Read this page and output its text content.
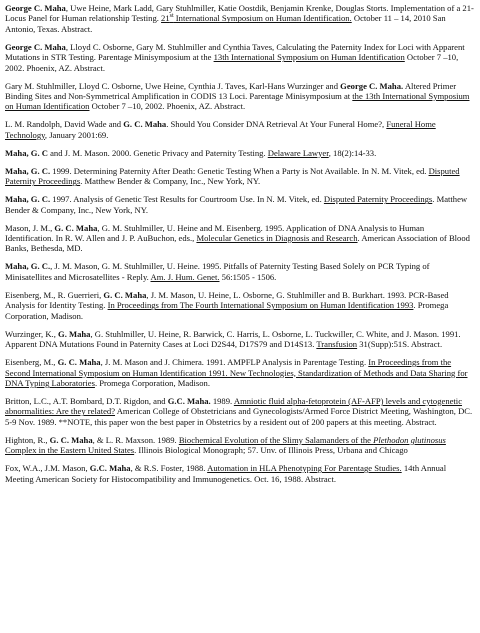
George C. Maha, Uwe Heine, Mark Ladd, Gary Stuhlmiller, Katie Oostdik, Benjamin Krenke, Douglas Storts. Implementation of a 21-Locus Panel for Human relationship Testing. 21st International Symposium on Human Identification. October 11 – 14, 2010 San Antonio, Texas. Abstract.

George C. Maha, Lloyd C. Osborne, Gary M. Stuhlmiller and Cynthia Taves, Calculating the Paternity Index for Loci with Apparent Mutations in STR Testing. Parentage Minisymposium at the 13th International Symposium on Human Identification October 7 –10, 2002. Phoenix, AZ. Abstract.

Gary M. Stuhlmiller, Lloyd C. Osborne, Uwe Heine, Cynthia J. Taves, Karl-Hans Wurzinger and George C. Maha. Altered Primer Binding Sites and Non-Symmetrical Amplification in CODIS 13 Loci. Parentage Minisymposium at the 13th International Symposium on Human Identification October 7 –10, 2002. Phoenix, AZ. Abstract.

L. M. Randolph, David Wade and G. C. Maha. Should You Consider DNA Retrieval At Your Funeral Home?, Funeral Home Technology, January 2001:69.

Maha, G. C and J. M. Mason. 2000. Genetic Privacy and Paternity Testing. Delaware Lawyer, 18(2):14-33.

Maha, G. C. 1999. Determining Paternity After Death: Genetic Testing When a Party is Not Available. In N. M. Vitek, ed. Disputed Paternity Proceedings. Matthew Bender & Company, Inc., New York, NY.

Maha, G. C. 1997. Analysis of Genetic Test Results for Courtroom Use. In N. M. Vitek, ed. Disputed Paternity Proceedings. Matthew Bender & Company, Inc., New York, NY.

Mason, J. M., G. C. Maha, G. M. Stuhlmiller, U. Heine and M. Eisenberg. 1995. Application of DNA Analysis to Human Identification. In R. W. Allen and J. P. AuBuchon, eds., Molecular Genetics in Diagnosis and Research. American Association of Blood Banks, Bethesda, MD.

Maha, G. C., J. M. Mason, G. M. Stuhlmiller, U. Heine. 1995. Pitfalls of Paternity Testing Based Solely on PCR Typing of Minisatellites and Microsatellites - Reply. Am. J. Hum. Genet. 56:1505 - 1506.

Eisenberg, M., R. Guerrieri, G. C. Maha, J. M. Mason, U. Heine, L. Osborne, G. Stuhlmiller and B. Burkhart. 1993. PCR-Based Analysis for Identity Testing. In Proceedings from The Fourth International Symposium on Human Identification 1993. Promega Corporation, Madison.

Wurzinger, K., G. Maha, G. Stuhlmiller, U. Heine, R. Barwick, C. Harris, L. Osborne, L. Tuckwiller, C. White, and J. Mason. 1991. Apparent DNA Mutations Found in Paternity Cases at Loci D2S44, D17S79 and D14S13. Transfusion 31(Supp):51S. Abstract.

Eisenberg, M., G. C. Maha, J. M. Mason and J. Chimera. 1991. AMPFLP Analysis in Parentage Testing. In Proceedings from the Second International Symposium on Human Identification 1991. New Technologies, Standardization of Methods and Data Sharing for DNA Typing Laboratories. Promega Corporation, Madison.

Britton, L.C., A.T. Bombard, D.T. Rigdon, and G.C. Maha. 1989. Amniotic fluid alpha-fetoprotein (AF-AFP) levels and cytogenetic abnormalities: Are they related? American College of Obstetricians and Gynecologists/Armed Force District Meeting, Washington, DC. 5-9 Nov. 1989. **NOTE, this paper won the best paper in Obstetrics by a resident out of 200 papers at this meeting. Abstract.

Highton, R., G. C. Maha, & L. R. Maxson. 1989. Biochemical Evolution of the Slimy Salamanders of the Plethodon glutinosus Complex in the Eastern United States. Illinois Biological Monograph; 57. Unv. of Illinois Press, Urbana and Chicago

Fox, W.A., J.M. Mason, G.C. Maha, & R.S. Foster, 1988. Automation in HLA Phenotyping For Parentage Studies. 14th Annual Meeting American Society for Histocompatibility and Immunogenetics. Oct. 16, 1988. Abstract.
